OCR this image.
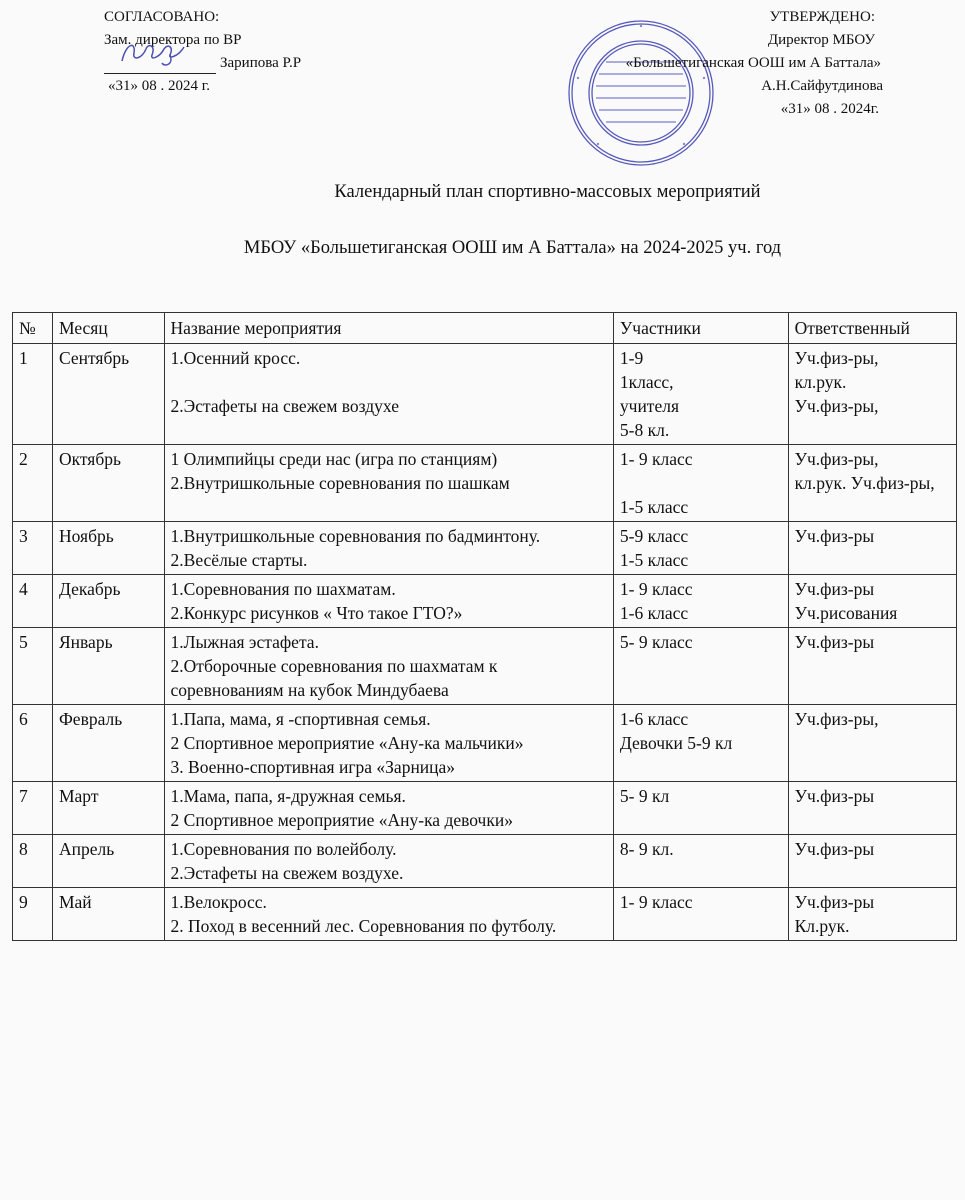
СОГЛАСОВАНО:
Зам. директора по ВР
Зарипова Р.Р
«31» 08 . 2024 г.
УТВЕРЖДЕНО:
Директор МБОУ
«Большетиганская ООШ им А Баттала»
А.Н.Сайфутдинова
«31» 08 . 2024г.
Календарный план спортивно-массовых мероприятий
МБОУ «Большетиганская ООШ им А Баттала» на 2024-2025 уч. год
№	Месяц	Название мероприятия	Участники	Ответственный
1	Сентябрь	1.Осенний кросс.

2.Эстафеты на свежем воздухе	1-9
1класс,
учителя
5-8 кл.	Уч.физ-ры,
кл.рук.
Уч.физ-ры,
2	Октябрь	1 Олимпийцы среди нас (игра по станциям)
2.Внутришкольные соревнования по шашкам	1- 9 класс

1-5 класс	Уч.физ-ры,
кл.рук. Уч.физ-ры,
3	Ноябрь	1.Внутришкольные соревнования по бадминтону.
2.Весёлые старты.	5-9 класс
1-5 класс	Уч.физ-ры
4	Декабрь	1.Соревнования по шахматам.
2.Конкурс рисунков « Что такое ГТО?»	1- 9 класс
1-6 класс	Уч.физ-ры
Уч.рисования
5	Январь	1.Лыжная эстафета.
2.Отборочные соревнования по шахматам к соревнованиям на кубок Миндубаева	5- 9 класс	Уч.физ-ры
6	Февраль	1.Папа, мама, я -спортивная семья.
2 Спортивное мероприятие «Ану-ка мальчики»
3. Военно-спортивная игра «Зарница»	1-6 класс
Девочки 5-9 кл	Уч.физ-ры,
7	Март	1.Мама, папа, я-дружная семья.
2 Спортивное мероприятие «Ану-ка девочки»	5- 9 кл	Уч.физ-ры
8	Апрель	1.Соревнования по волейболу.
2.Эстафеты на свежем воздухе.	8- 9 кл.	Уч.физ-ры
9	Май	1.Велокросс.
2. Поход в весенний лес. Соревнования по футболу.	1- 9 класс	Уч.физ-ры
Кл.рук.
